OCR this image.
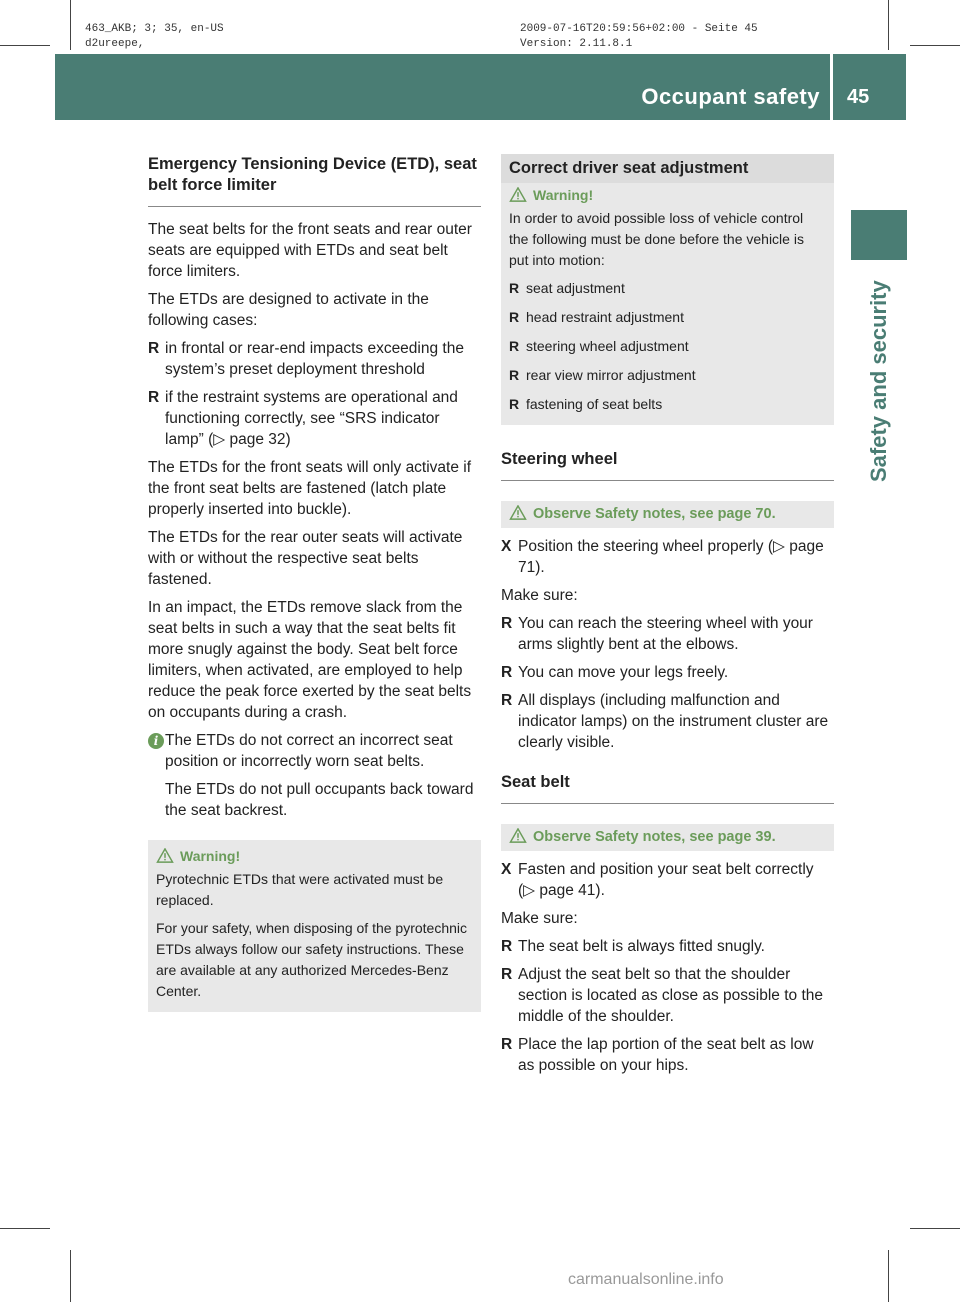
463_AKB; 3; 35, en-US
d2ureepe,
2009-07-16T20:59:56+02:00 - Seite 45
Version: 2.11.8.1
Occupant safety 45
Safety and security
Emergency Tensioning Device (ETD), seat belt force limiter

The seat belts for the front seats and rear outer seats are equipped with ETDs and seat belt force limiters.

The ETDs are designed to activate in the following cases:

R in frontal or rear-end impacts exceeding the system’s preset deployment threshold
R if the restraint systems are operational and functioning correctly, see “SRS indicator lamp” (▷ page 32)

The ETDs for the front seats will only activate if the front seat belts are fastened (latch plate properly inserted into buckle).

The ETDs for the rear outer seats will activate with or without the respective seat belts fastened.

In an impact, the ETDs remove slack from the seat belts in such a way that the seat belts fit more snugly against the body. Seat belt force limiters, when activated, are employed to help reduce the peak force exerted by the seat belts on occupants during a crash.

i The ETDs do not correct an incorrect seat position or incorrectly worn seat belts.

The ETDs do not pull occupants back toward the seat backrest.

Warning!

Pyrotechnic ETDs that were activated must be replaced.

For your safety, when disposing of the pyrotechnic ETDs always follow our safety instructions. These are available at any authorized Mercedes-Benz Center.

Correct driver seat adjustment
Warning!

In order to avoid possible loss of vehicle control the following must be done before the vehicle is put into motion:

R seat adjustment
R head restraint adjustment
R steering wheel adjustment
R rear view mirror adjustment
R fastening of seat belts
Steering wheel
Observe Safety notes, see page 70.
X Position the steering wheel properly (▷ page 71).

Make sure:

R You can reach the steering wheel with your arms slightly bent at the elbows.
R You can move your legs freely.
R All displays (including malfunction and indicator lamps) on the instrument cluster are clearly visible.
Seat belt
Observe Safety notes, see page 39.
X Fasten and position your seat belt correctly (▷ page 41).

Make sure:

R The seat belt is always fitted snugly.
R Adjust the seat belt so that the shoulder section is located as close as possible to the middle of the shoulder.
R Place the lap portion of the seat belt as low as possible on your hips.
carmanualsonline.info
